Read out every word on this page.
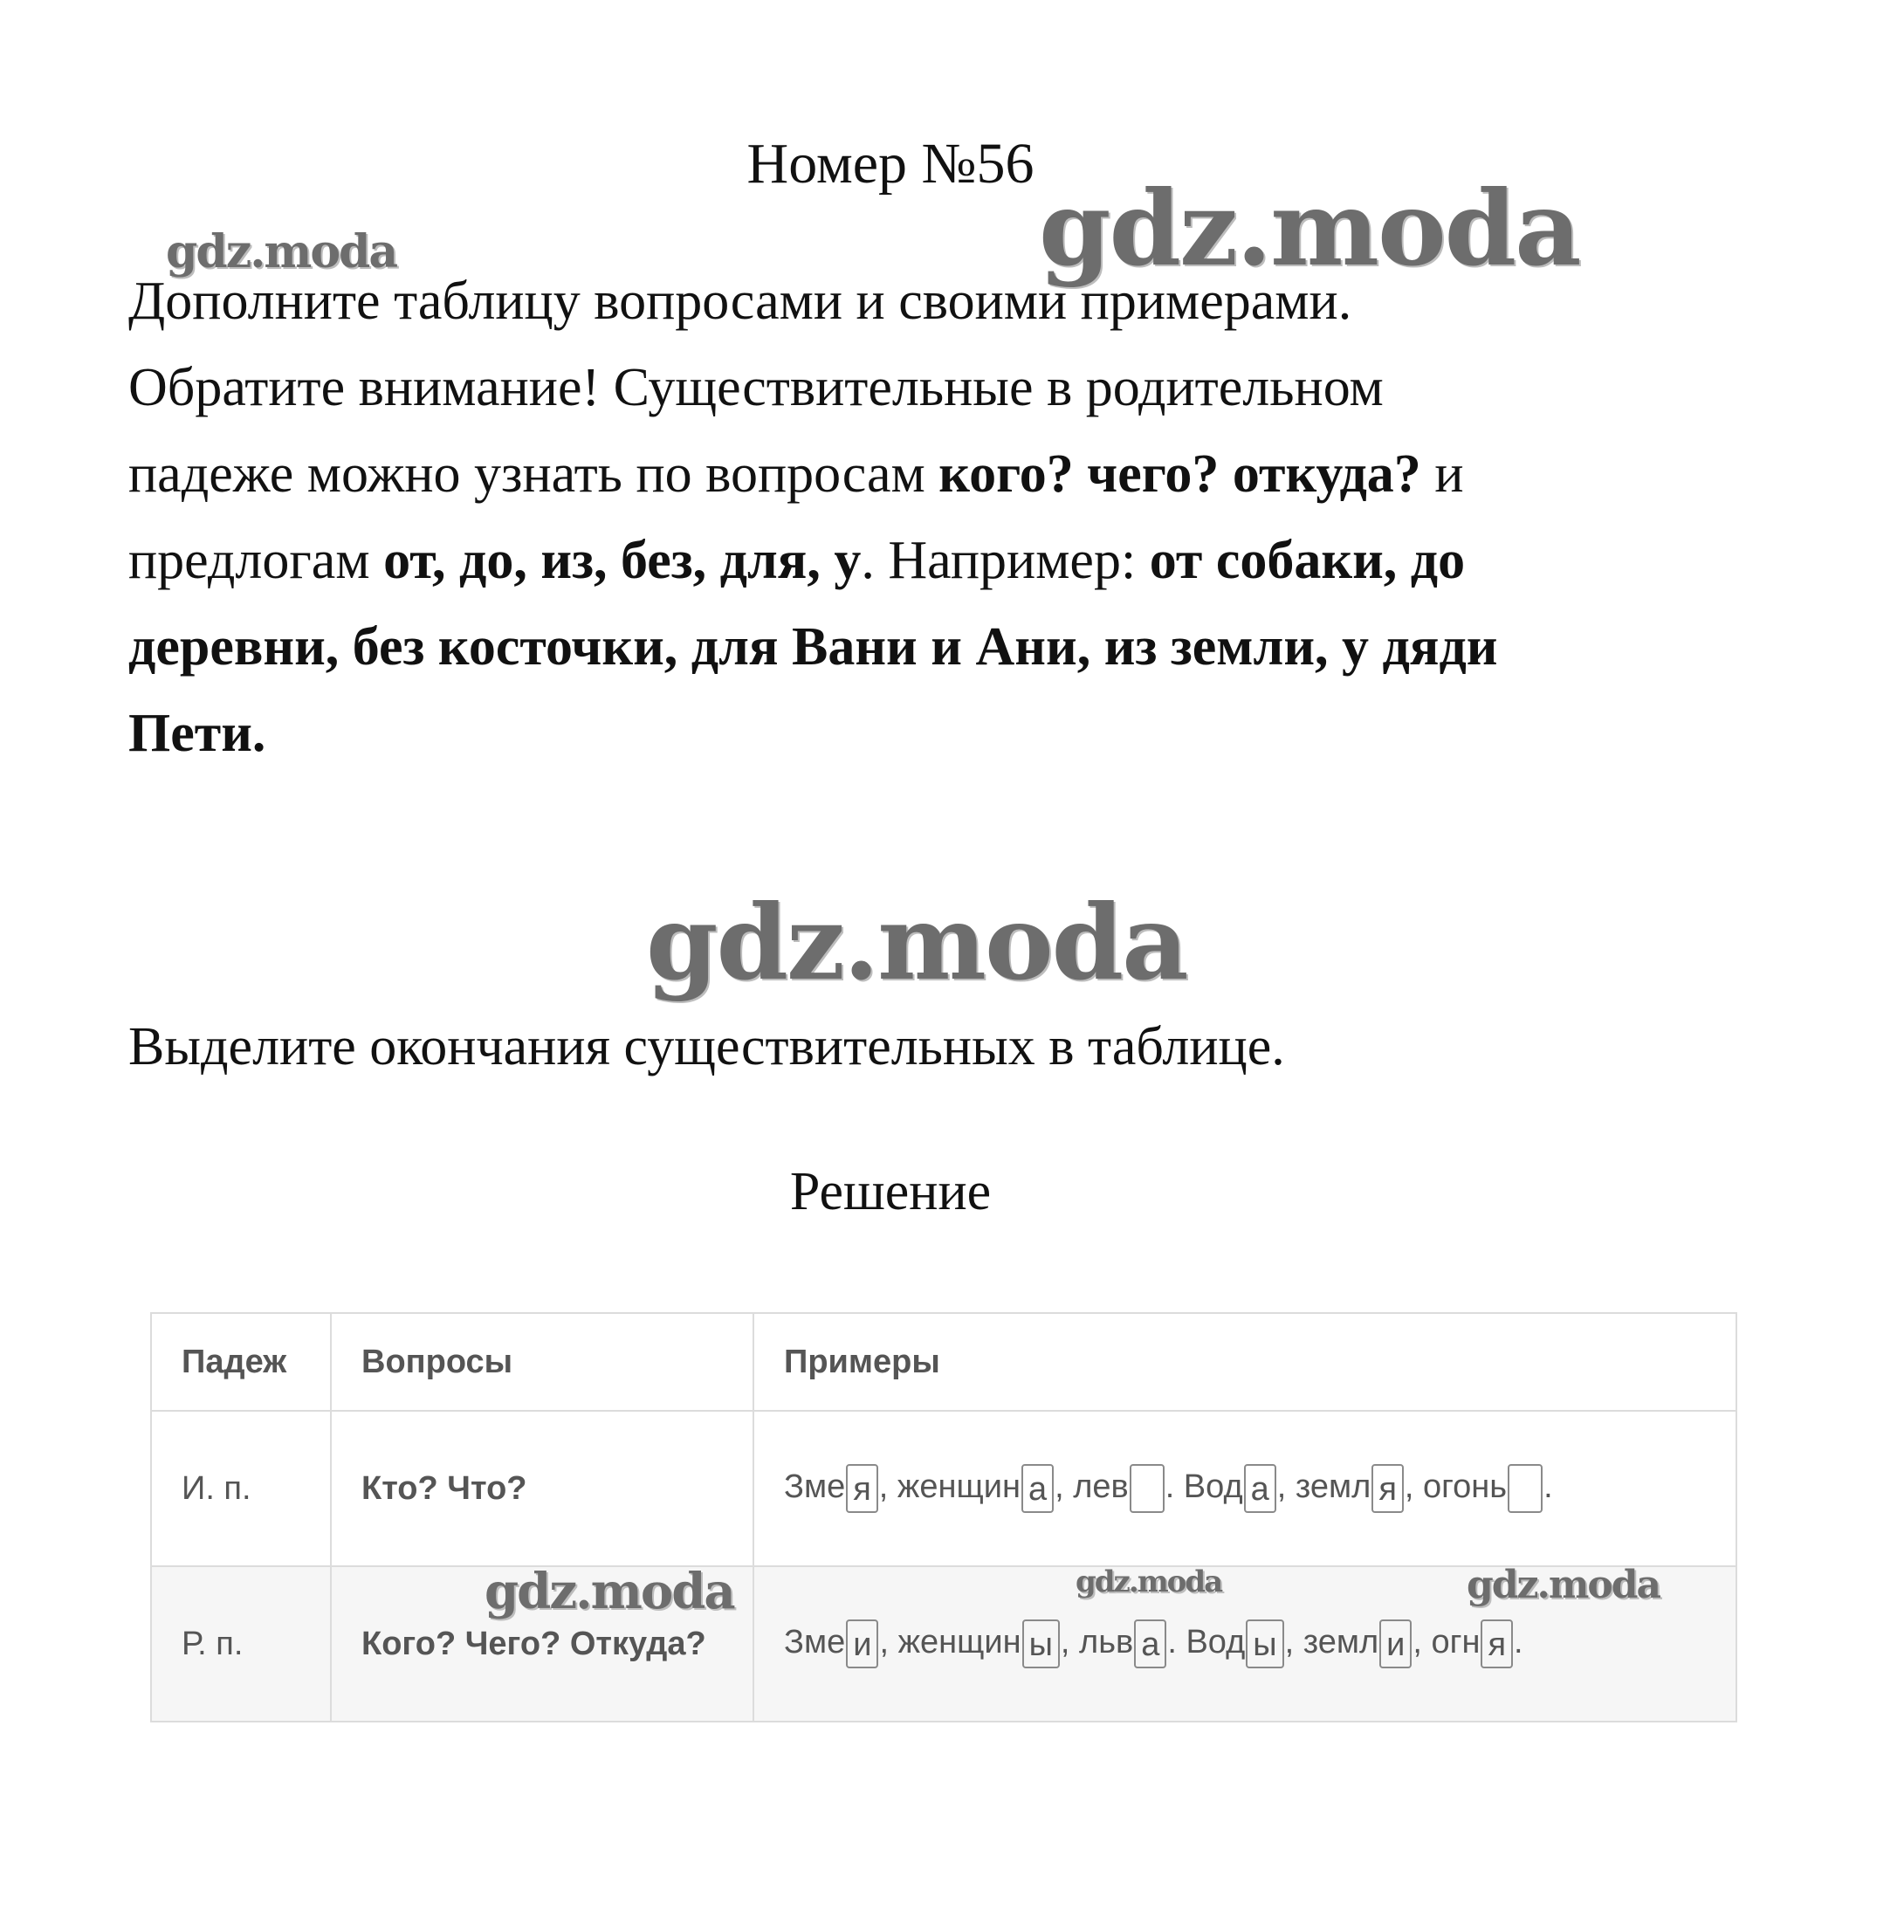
Номер №56
gdz.moda	gdz.moda
Дополните таблицу вопросами и своими примерами.
Обратите внимание! Существительные в родительном
падеже можно узнать по вопросам кого? чего? откуда? и
предлогам от, до, из, без, для, у. Например: от собаки, до
деревни, без косточки, для Вани и Ани, из земли, у дяди
Пети.
gdz.moda
Выделите окончания существительных в таблице.
Решение
Падеж	Вопросы	Примеры
И. п.	Кто? Что?	Зме я , женщин а , лев . Вод а , земл я , огонь .
Р. п.	Кого? Чего? Откуда?	Зме и , женщин ы , льв а . Вод ы , земл и , огн я .
gdz.moda	gdz.moda	gdz.moda
